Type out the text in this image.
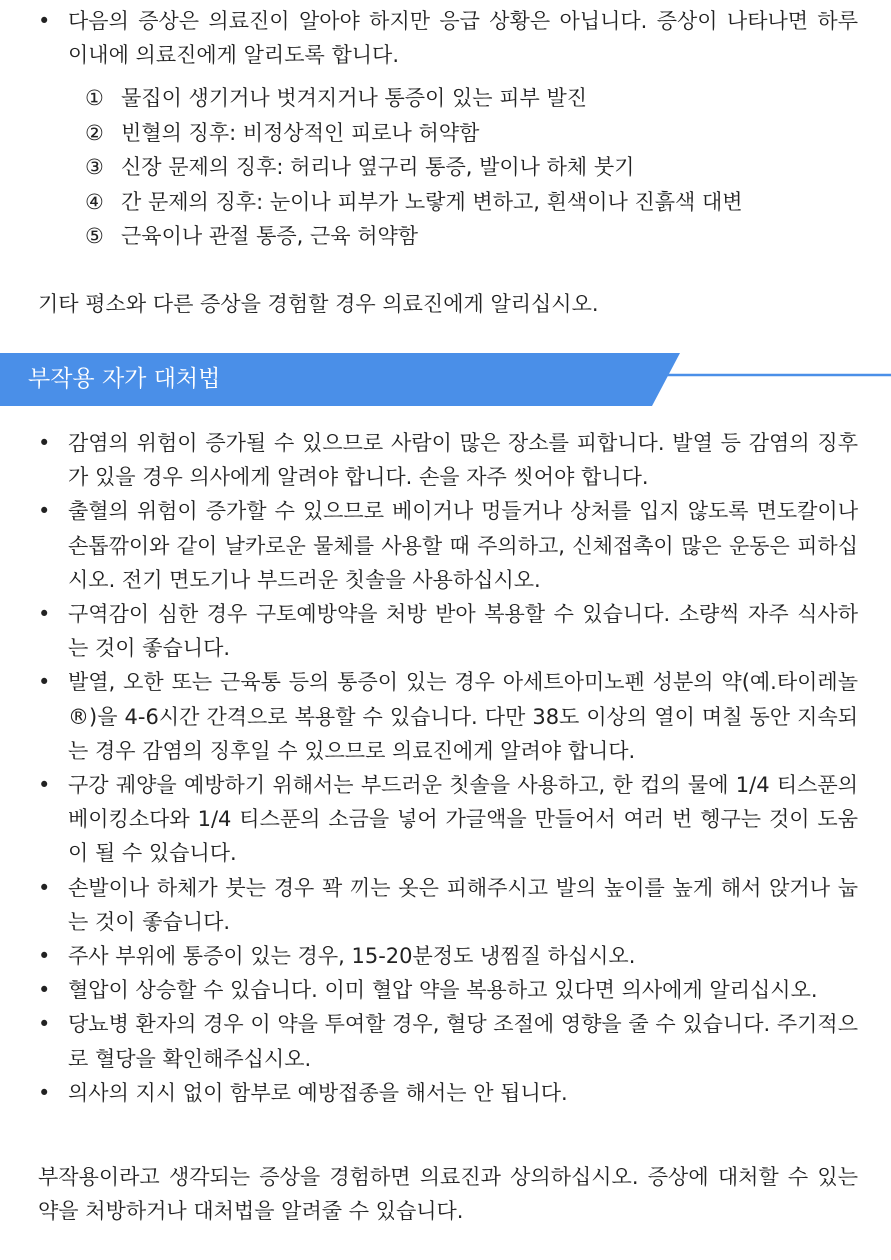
• 다음의 증상은 의료진이 알아야 하지만 응급 상황은 아닙니다. 증상이 나타나면 하루 이내에 의료진에게 알리도록 합니다.
① 물집이 생기거나 벗겨지거나 통증이 있는 피부 발진
② 빈혈의 징후: 비정상적인 피로나 허약함
③ 신장 문제의 징후: 허리나 옆구리 통증, 발이나 하체 붓기
④ 간 문제의 징후: 눈이나 피부가 노랗게 변하고, 흰색이나 진흙색 대변
⑤ 근육이나 관절 통증, 근육 허약함
기타 평소와 다른 증상을 경험할 경우 의료진에게 알리십시오.
부작용 자가 대처법
• 감염의 위험이 증가될 수 있으므로 사람이 많은 장소를 피합니다. 발열 등 감염의 징후가 있을 경우 의사에게 알려야 합니다. 손을 자주 씻어야 합니다.
• 출혈의 위험이 증가할 수 있으므로 베이거나 멍들거나 상처를 입지 않도록 면도칼이나 손톱깎이와 같이 날카로운 물체를 사용할 때 주의하고, 신체접촉이 많은 운동은 피하십시오. 전기 면도기나 부드러운 칫솔을 사용하십시오.
• 구역감이 심한 경우 구토예방약을 처방 받아 복용할 수 있습니다. 소량씩 자주 식사하는 것이 좋습니다.
• 발열, 오한 또는 근육통 등의 통증이 있는 경우 아세트아미노펜 성분의 약(예.타이레놀®)을 4-6시간 간격으로 복용할 수 있습니다. 다만 38도 이상의 열이 며칠 동안 지속되는 경우 감염의 징후일 수 있으므로 의료진에게 알려야 합니다.
• 구강 궤양을 예방하기 위해서는 부드러운 칫솔을 사용하고, 한 컵의 물에 1/4 티스푼의 베이킹소다와 1/4 티스푼의 소금을 넣어 가글액을 만들어서 여러 번 헹구는 것이 도움이 될 수 있습니다.
• 손발이나 하체가 붓는 경우 꽉 끼는 옷은 피해주시고 발의 높이를 높게 해서 앉거나 눕는 것이 좋습니다.
• 주사 부위에 통증이 있는 경우, 15-20분정도 냉찜질 하십시오.
• 혈압이 상승할 수 있습니다. 이미 혈압 약을 복용하고 있다면 의사에게 알리십시오.
• 당뇨병 환자의 경우 이 약을 투여할 경우, 혈당 조절에 영향을 줄 수 있습니다. 주기적으로 혈당을 확인해주십시오.
• 의사의 지시 없이 함부로 예방접종을 해서는 안 됩니다.
부작용이라고 생각되는 증상을 경험하면 의료진과 상의하십시오. 증상에 대처할 수 있는 약을 처방하거나 대처법을 알려줄 수 있습니다.
